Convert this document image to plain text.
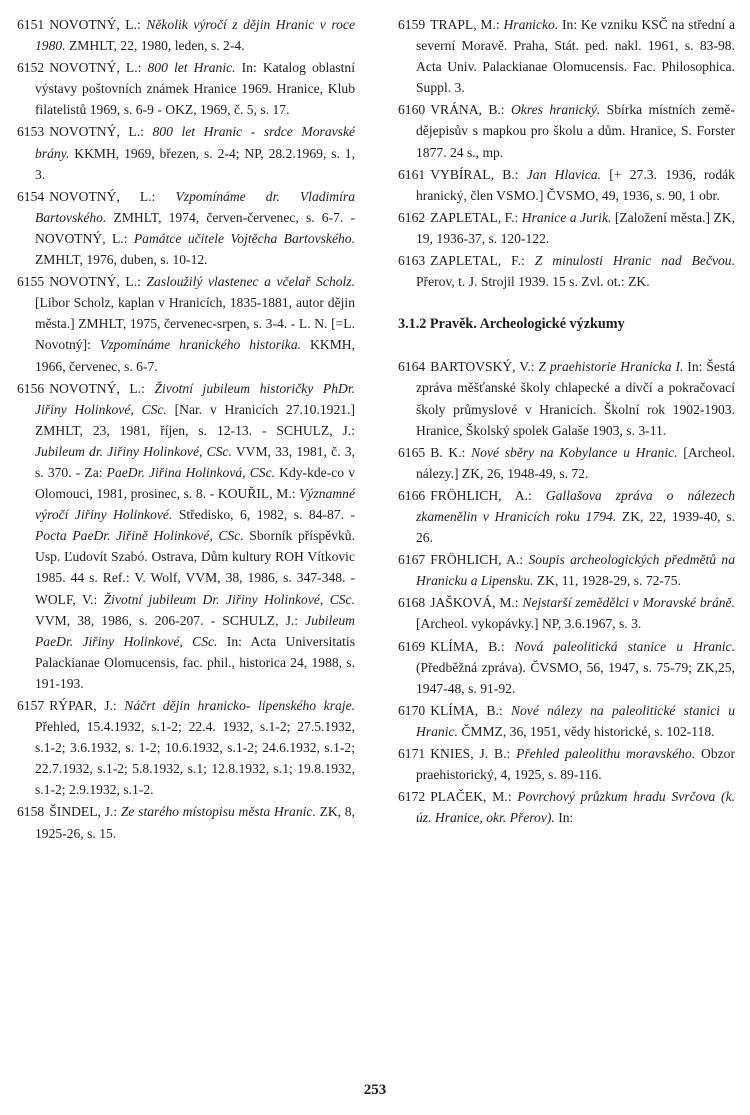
6151 NOVOTNÝ, L.: Několik výročí z dějin Hranic v roce 1980. ZMHLT, 22, 1980, leden, s. 2-4.
6152 NOVOTNÝ, L.: 800 let Hranic. In: Katalog oblastní výstavy poštovních známek Hranice 1969. Hranice, Klub filatelistů 1969, s. 6-9 - OKZ, 1969, č. 5, s. 17.
6153 NOVOTNÝ, L.: 800 let Hranic - srdce Moravské brány. KKMH, 1969, březen, s. 2-4; NP, 28.2.1969, s. 1, 3.
6154 NOVOTNÝ, L.: Vzpomínáme dr. Vladimíra Bartovského. ZMHLT, 1974, červen-červenec, s. 6-7. - NOVOTNÝ, L.: Památce učitele Vojtěcha Bartovského. ZMHLT, 1976, duben, s. 10-12.
6155 NOVOTNÝ, L.: Zasloužilý vlastenec a včelař Scholz. [Libor Scholz, kaplan v Hranicích, 1835-1881, autor dějin města.] ZMHLT, 1975, červenec-srpen, s. 3-4. - L. N. [=L. Novotný]: Vzpomínáme hranického historika. KKMH, 1966, červenec, s. 6-7.
6156 NOVOTNÝ, L.: Životní jubileum historičky PhDr. Jiřiny Holinkové, CSc. [Nar. v Hranicích 27.10.1921.] ZMHLT, 23, 1981, říjen, s. 12-13. - SCHULZ, J.: Jubileum dr. Jiřiny Holinkové, CSc. VVM, 33, 1981, č. 3, s. 370. - Za: PaeDr. Jiřina Holinková, CSc. Kdy-kde-co v Olomouci, 1981, prosinec, s. 8. - KOUŘIL, M.: Významné výročí Jiřiny Holinkové. Středisko, 6, 1982, s. 84-87. - Pocta PaeDr. Jiřině Holinkové, CSc. Sborník příspěvků. Usp. Ľudovít Szabó. Ostrava, Dům kultury ROH Vítkovic 1985. 44 s. Ref.: V. Wolf, VVM, 38, 1986, s. 347-348. - WOLF, V.: Životní jubileum Dr. Jiřiny Holinkové, CSc. VVM, 38, 1986, s. 206-207. - SCHULZ, J.: Jubileum PaeDr. Jiřiny Holinkové, CSc. In: Acta Universitatis Palackianae Olomucensis, fac. phil., historica 24, 1988, s. 191-193.
6157 RÝPAR, J.: Náčrt dějin hranicko- lipenského kraje. Přehled, 15.4.1932, s.1-2; 22.4. 1932, s.1-2; 27.5.1932, s.1-2; 3.6.1932, s. 1-2; 10.6.1932, s.1-2; 24.6.1932, s.1-2; 22.7.1932, s.1-2; 5.8.1932, s.1; 12.8.1932, s.1; 19.8.1932, s.1-2; 2.9.1932, s.1-2.
6158 ŠINDEL, J.: Ze starého místopisu města Hranic. ZK, 8, 1925-26, s. 15.
6159 TRAPL, M.: Hranicko. In: Ke vzniku KSČ na střední a severní Moravě. Praha, Stát. ped. nakl. 1961, s. 83-98. Acta Univ. Palackianae Olomucensis. Fac. Philosophica. Suppl. 3.
6160 VRÁNA, B.: Okres hranický. Sbírka místních země-dějepisův s mapkou pro školu a dům. Hranice, S. Forster 1877. 24 s., mp.
6161 VYBÍRAL, B.: Jan Hlavica. [+ 27.3. 1936, rodák hranický, člen VSMO.] ČVSMO, 49, 1936, s. 90, 1 obr.
6162 ZAPLETAL, F.: Hranice a Jurik. [Založení města.] ZK, 19, 1936-37, s. 120-122.
6163 ZAPLETAL, F.: Z minulosti Hranic nad Bečvou. Přerov, t. J. Strojil 1939. 15 s. Zvl. ot.: ZK.
3.1.2 Pravěk. Archeologické výzkumy
6164 BARTOVSKÝ, V.: Z praehistorie Hranicka I. In: Šestá zpráva měšťanské školy chlapecké a dívčí a pokračovací školy průmyslové v Hranicích. Školní rok 1902-1903. Hranice, Školský spolek Galaše 1903, s. 3-11.
6165 B. K.: Nové sběry na Kobylance u Hranic. [Archeol. nálezy.] ZK, 26, 1948-49, s. 72.
6166 FRÖHLICH, A.: Gallašova zpráva o nálezech zkamenělin v Hranicích roku 1794. ZK, 22, 1939-40, s. 26.
6167 FRÖHLICH, A.: Soupis archeologických předmětů na Hranicku a Lipensku. ZK, 11, 1928-29, s. 72-75.
6168 JAŠKOVÁ, M.: Nejstarší zemědělci v Moravské bráně. [Archeol. vykopávky.] NP, 3.6.1967, s. 3.
6169 KLÍMA, B.: Nová paleolitická stanice u Hranic. (Předběžná zpráva). ČVSMO, 56, 1947, s. 75-79; ZK,25, 1947-48, s. 91-92.
6170 KLÍMA, B.: Nové nálezy na paleolitické stanici u Hranic. ČMMZ, 36, 1951, vědy historické, s. 102-118.
6171 KNIES, J. B.: Přehled paleolithu moravského. Obzor praehistorický, 4, 1925, s. 89-116.
6172 PLAČEK, M.: Povrchový průzkum hradu Svrčova (k. úz. Hranice, okr. Přerov). In:
253
